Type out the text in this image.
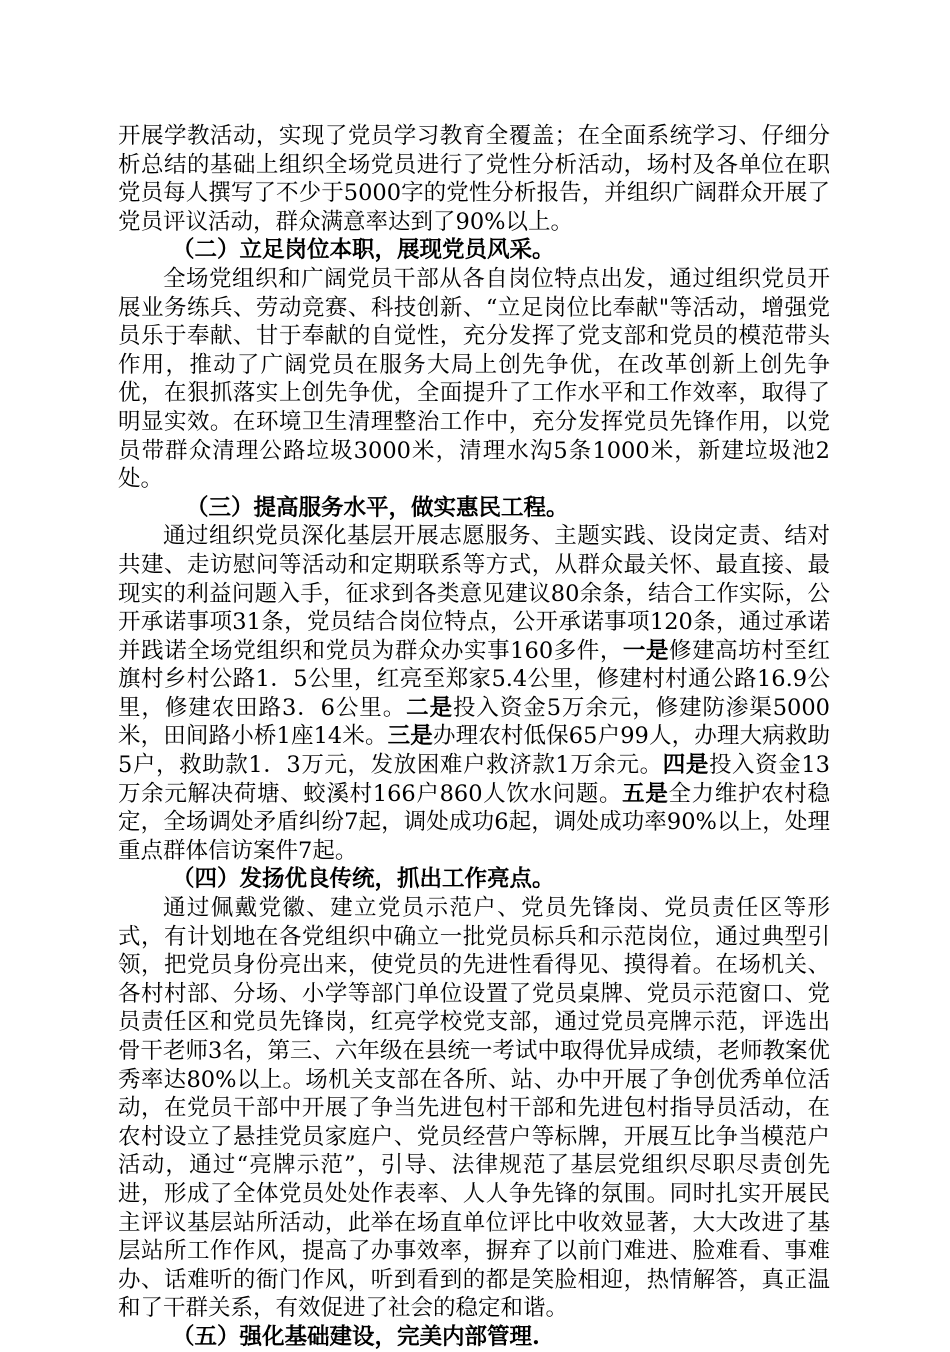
开展学教活动，实现了党员学习教育全覆盖；在全面系统学习、仔细分析总结的基础上组织全场党员进行了党性分析活动，场村及各单位在职党员每人撰写了不少于5000字的党性分析报告，并组织广阔群众开展了党员评议活动，群众满意率达到了90%以上。

（二）立足岗位本职，展现党员风采。

全场党组织和广阔党员干部从各自岗位特点出发，通过组织党员开展业务练兵、劳动竞赛、科技创新、“立足岗位比奉献"等活动，增强党员乐于奉献、甘于奉献的自觉性，充分发挥了党支部和党员的模范带头作用，推动了广阔党员在服务大局上创先争优，在改革创新上创先争优，在狠抓落实上创先争优，全面提升了工作水平和工作效率，取得了明显实效。在环境卫生清理整治工作中，充分发挥党员先锋作用，以党员带群众清理公路垃圾3000米，清理水沟5条1000米，新建垃圾池2处。

（三）提高服务水平，做实惠民工程。

通过组织党员深化基层开展志愿服务、主题实践、设岗定责、结对共建、走访慰问等活动和定期联系等方式，从群众最关怀、最直接、最现实的利益问题入手，征求到各类意见建议80余条，结合工作实际，公开承诺事项31条，党员结合岗位特点，公开承诺事项120条，通过承诺并践诺全场党组织和党员为群众办实事160多件，一是修建高坊村至红旗村乡村公路1．5公里，红亮至郑家5.4公里，修建村村通公路16.9公里，修建农田路3．6公里。二是投入资金5万余元，修建防渗渠5000米，田间路小桥1座14米。三是办理农村低保65户99人，办理大病救助5户，救助款1．3万元，发放困难户救济款1万余元。四是投入资金13万余元解决荷塘、蛟溪村166户860人饮水问题。五是全力维护农村稳定，全场调处矛盾纠纷7起，调处成功6起，调处成功率90%以上，处理重点群体信访案件7起。

（四）发扬优良传统，抓出工作亮点。

通过佩戴党徽、建立党员示范户、党员先锋岗、党员责任区等形式，有计划地在各党组织中确立一批党员标兵和示范岗位，通过典型引领，把党员身份亮出来，使党员的先进性看得见、摸得着。在场机关、各村村部、分场、小学等部门单位设置了党员桌牌、党员示范窗口、党员责任区和党员先锋岗，红亮学校党支部，通过党员亮牌示范，评选出骨干老师3名，第三、六年级在县统一考试中取得优异成绩，老师教案优秀率达80%以上。场机关支部在各所、站、办中开展了争创优秀单位活动，在党员干部中开展了争当先进包村干部和先进包村指导员活动，在农村设立了悬挂党员家庭户、党员经营户等标牌，开展互比争当模范户活动，通过“亮牌示范”，引导、法律规范了基层党组织尽职尽责创先进，形成了全体党员处处作表率、人人争先锋的氛围。同时扎实开展民主评议基层站所活动，此举在场直单位评比中收效显著，大大改进了基层站所工作作风，提高了办事效率，摒弃了以前门难进、脸难看、事难办、话难听的衙门作风，听到看到的都是笑脸相迎，热情解答，真正温和了干群关系，有效促进了社会的稳定和谐。

（五）强化基础建设，完美内部管理.
